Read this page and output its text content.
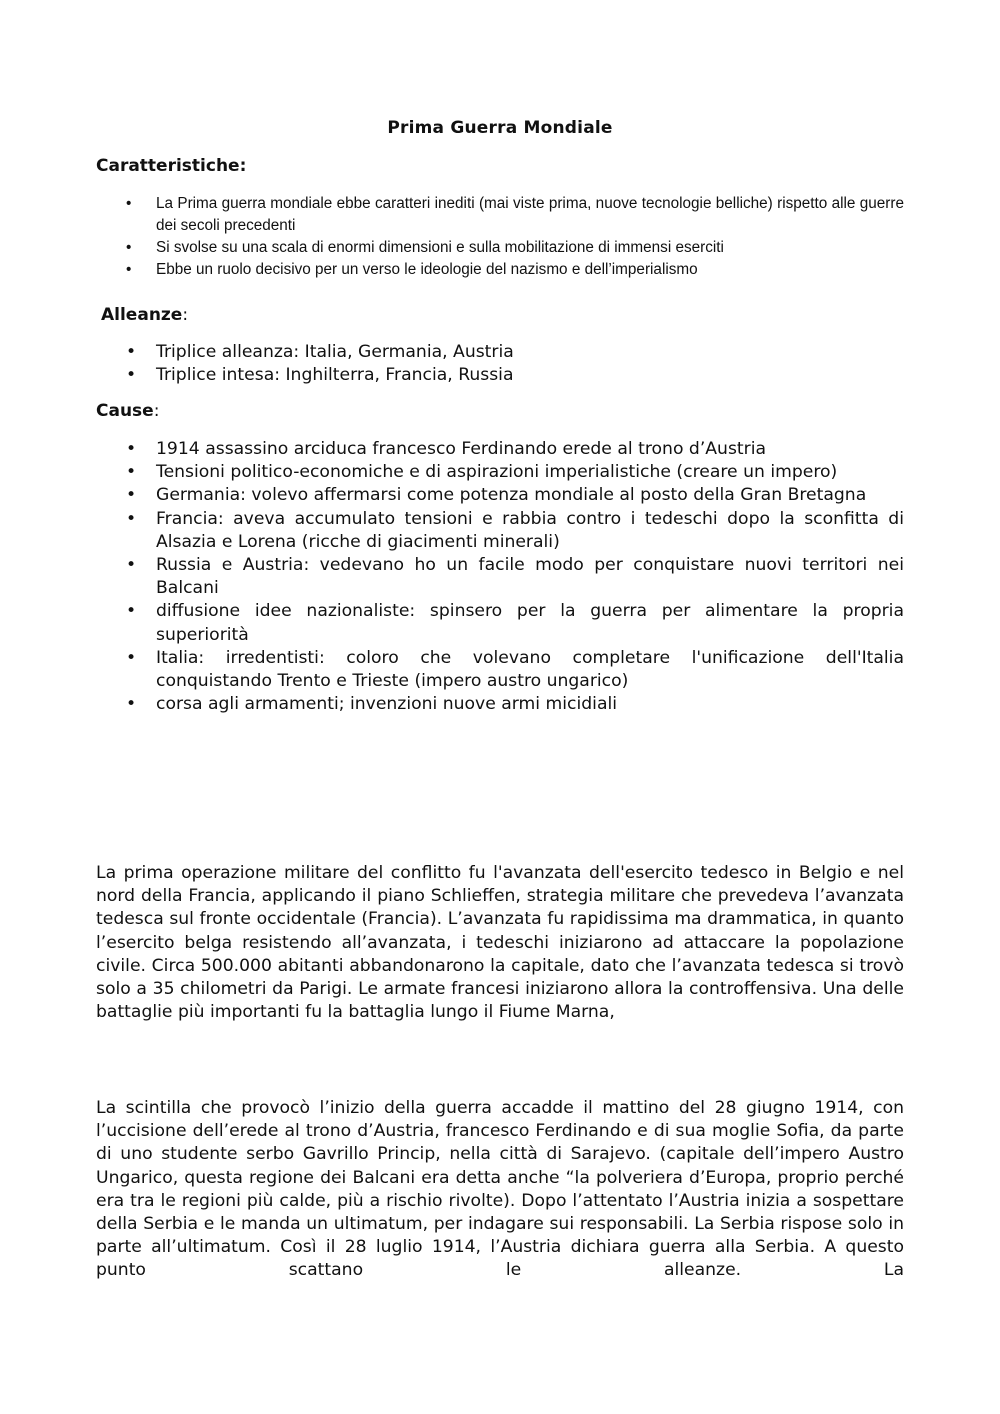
Prima Guerra Mondiale
Caratteristiche:
• La Prima guerra mondiale ebbe caratteri inediti (mai viste prima, nuove tecnologie belliche) rispetto alle guerre dei secoli precedenti
• Si svolse su una scala di enormi dimensioni e sulla mobilitazione di immensi eserciti
• Ebbe un ruolo decisivo per un verso le ideologie del nazismo e dell’imperialismo
Alleanze:
• Triplice alleanza: Italia, Germania, Austria
• Triplice intesa: Inghilterra, Francia, Russia
Cause:
• 1914 assassino arciduca francesco Ferdinando erede al trono d’Austria
• Tensioni politico-economiche e di aspirazioni imperialistiche (creare un impero)
• Germania: volevo affermarsi come potenza mondiale al posto della Gran Bretagna
• Francia: aveva accumulato tensioni e rabbia contro i tedeschi dopo la sconfitta di Alsazia e Lorena (ricche di giacimenti minerali)
• Russia e Austria: vedevano ho un facile modo per conquistare nuovi territori nei Balcani
• diffusione idee nazionaliste: spinsero per la guerra per alimentare la propria superiorità
• Italia: irredentisti: coloro che volevano completare l'unificazione dell'Italia conquistando Trento e Trieste (impero austro ungarico)
• corsa agli armamenti; invenzioni nuove armi micidiali

La prima operazione militare del conflitto fu l'avanzata dell'esercito tedesco in Belgio e nel nord della Francia, applicando il piano Schlieffen, strategia militare che prevedeva l’avanzata tedesca sul fronte occidentale (Francia). L’avanzata fu rapidissima ma drammatica, in quanto l’esercito belga resistendo all’avanzata, i tedeschi iniziarono ad attaccare la popolazione civile. Circa 500.000 abitanti abbandonarono la capitale, dato che l’avanzata tedesca si trovò solo a 35 chilometri da Parigi. Le armate francesi iniziarono allora la controffensiva. Una delle battaglie più importanti fu la battaglia lungo il Fiume Marna,

La scintilla che provocò l’inizio della guerra accadde il mattino del 28 giugno 1914, con l’uccisione dell’erede al trono d’Austria, francesco Ferdinando e di sua moglie Sofia, da parte di uno studente serbo Gavrillo Princip, nella città di Sarajevo. (capitale dell’impero Austro Ungarico, questa regione dei Balcani era detta anche “la polveriera d’Europa, proprio perché era tra le regioni più calde, più a rischio rivolte). Dopo l’attentato l’Austria inizia a sospettare della Serbia e le manda un ultimatum, per indagare sui responsabili. La Serbia rispose solo in parte all’ultimatum. Così il 28 luglio 1914, l’Austria dichiara guerra alla Serbia. A questo punto scattano le alleanze. La
